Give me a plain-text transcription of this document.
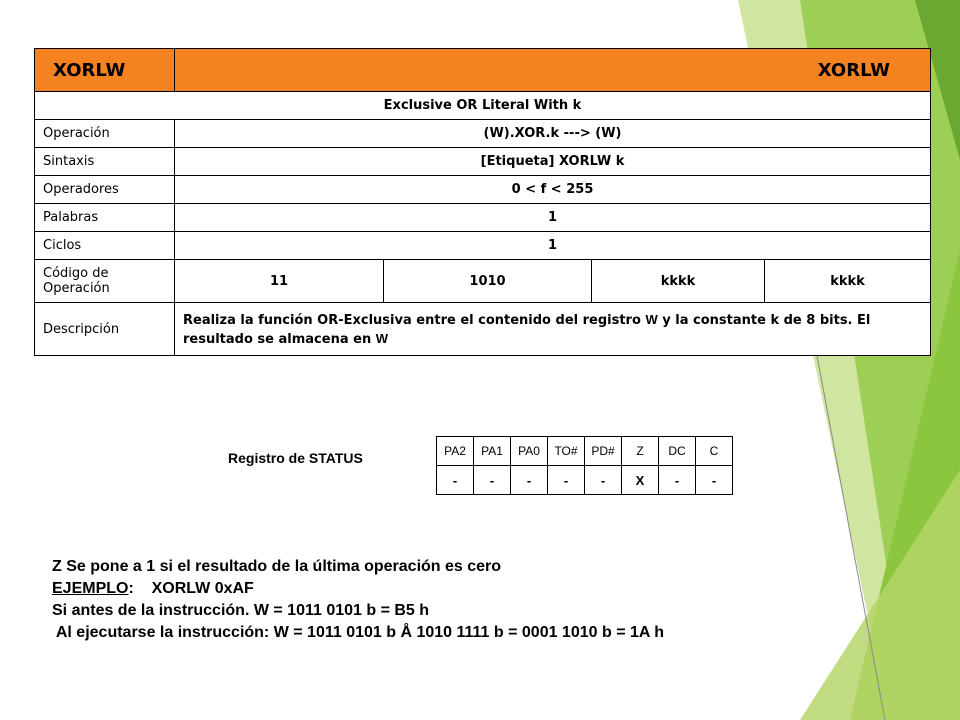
XORLW	XORLW			
Exclusive OR Literal With k				
Operación	(W).XOR.k ---> (W)			
Sintaxis	[Etiqueta] XORLW k			
Operadores	0 < f < 255			
Palabras	1			
Ciclos	1			
Código de Operación	11	1010	kkkk	kkkk
Descripción	Realiza la función OR-Exclusiva entre el contenido del registro W y la constante k de 8 bits. El resultado se almacena en W			
Registro de STATUS	PA2	PA1	PA0	TO#	PD#	Z	DC	C
-	-	-	-	-	X	-	-
Z Se pone a 1 si el resultado de la última operación es cero
EJEMPLO:    XORLW 0xAF
Si antes de la instrucción. W = 1011 0101 b = B5 h
Al ejecutarse la instrucción: W = 1011 0101 b Å 1010 1111 b = 0001 1010 b = 1A h
